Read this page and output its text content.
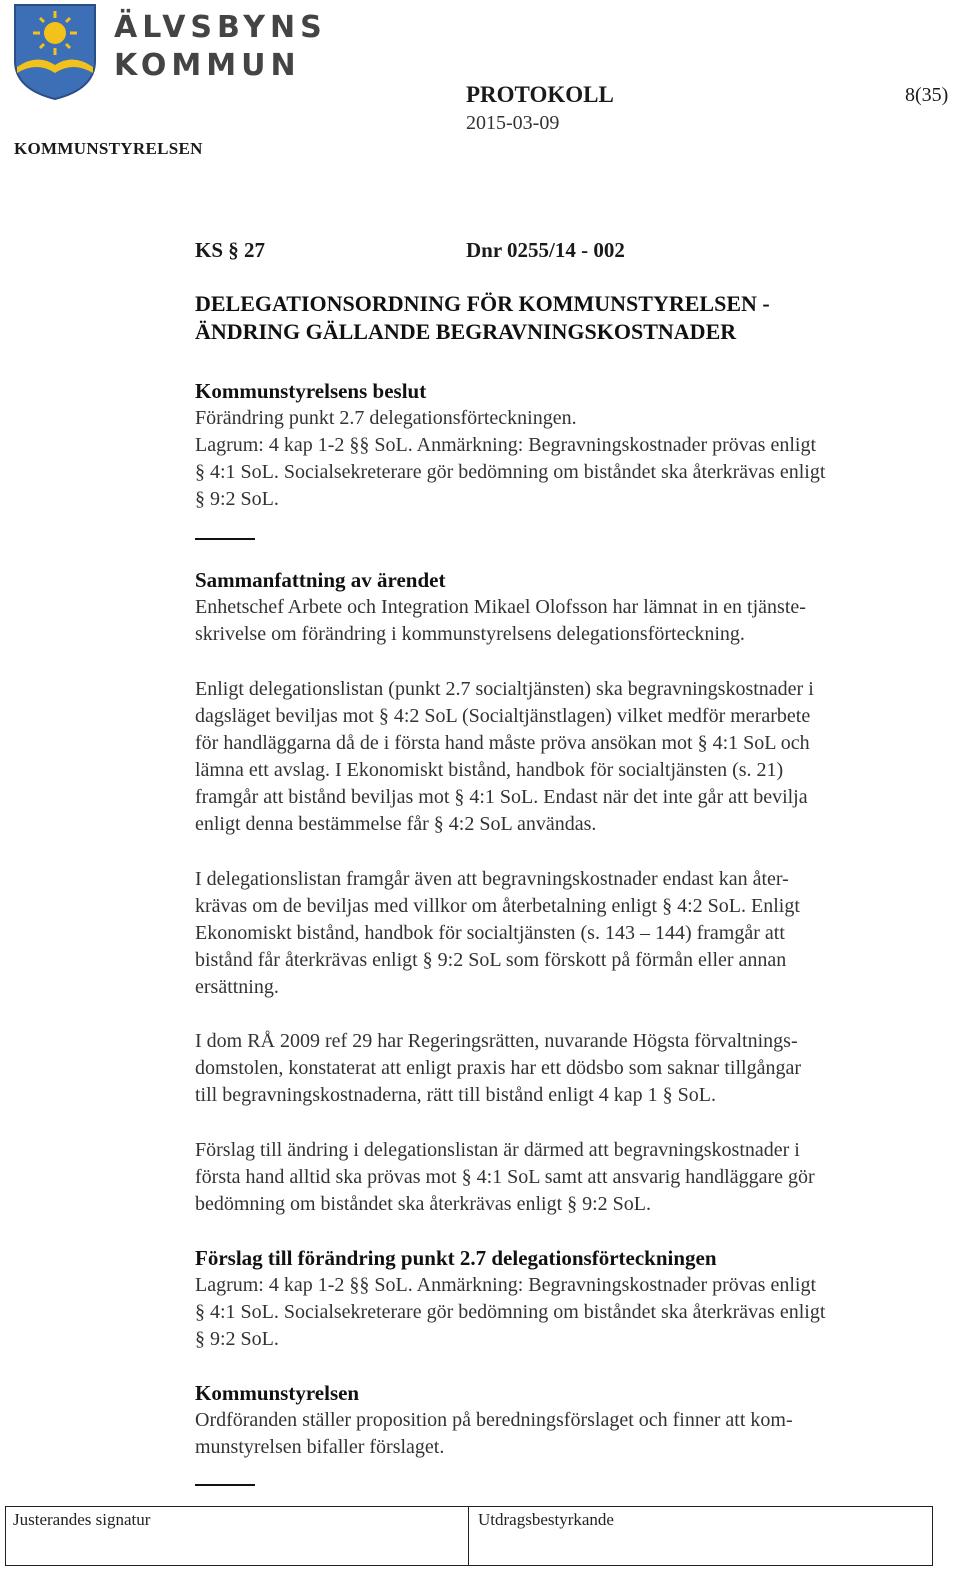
ÄLVSBYNS
KOMMUN
KOMMUNSTYRELSEN
PROTOKOLL	8(35)
2015-03-09
KS § 27	Dnr 0255/14 - 002
DELEGATIONSORDNING FÖR KOMMUNSTYRELSEN -
ÄNDRING GÄLLANDE BEGRAVNINGSKOSTNADER

Kommunstyrelsens beslut

Förändring punkt 2.7 delegationsförteckningen.

Lagrum: 4 kap 1-2 §§ SoL. Anmärkning: Begravningskostnader prövas enligt

§ 4:1 SoL. Socialsekreterare gör bedömning om biståndet ska återkrävas enligt

§ 9:2 SoL.

Sammanfattning av ärendet

Enhetschef Arbete och Integration Mikael Olofsson har lämnat in en tjänste-

skrivelse om förändring i kommunstyrelsens delegationsförteckning.

Enligt delegationslistan (punkt 2.7 socialtjänsten) ska begravningskostnader i

dagsläget beviljas mot § 4:2 SoL (Socialtjänstlagen) vilket medför merarbete

för handläggarna då de i första hand måste pröva ansökan mot § 4:1 SoL och

lämna ett avslag. I Ekonomiskt bistånd, handbok för socialtjänsten (s. 21)

framgår att bistånd beviljas mot § 4:1 SoL. Endast när det inte går att bevilja

enligt denna bestämmelse får § 4:2 SoL användas.

I delegationslistan framgår även att begravningskostnader endast kan åter-

krävas om de beviljas med villkor om återbetalning enligt § 4:2 SoL. Enligt

Ekonomiskt bistånd, handbok för socialtjänsten (s. 143 – 144) framgår att

bistånd får återkrävas enligt § 9:2 SoL som förskott på förmån eller annan

ersättning.

I dom RÅ 2009 ref 29 har Regeringsrätten, nuvarande Högsta förvaltnings-

domstolen, konstaterat att enligt praxis har ett dödsbo som saknar tillgångar

till begravningskostnaderna, rätt till bistånd enligt 4 kap 1 § SoL.

Förslag till ändring i delegationslistan är därmed att begravningskostnader i

första hand alltid ska prövas mot § 4:1 SoL samt att ansvarig handläggare gör

bedömning om biståndet ska återkrävas enligt § 9:2 SoL.

Förslag till förändring punkt 2.7 delegationsförteckningen

Lagrum: 4 kap 1-2 §§ SoL. Anmärkning: Begravningskostnader prövas enligt

§ 4:1 SoL. Socialsekreterare gör bedömning om biståndet ska återkrävas enligt

§ 9:2 SoL.

Kommunstyrelsen

Ordföranden ställer proposition på beredningsförslaget och finner att kom-

munstyrelsen bifaller förslaget.

Justerandes signatur	Utdragsbestyrkande
